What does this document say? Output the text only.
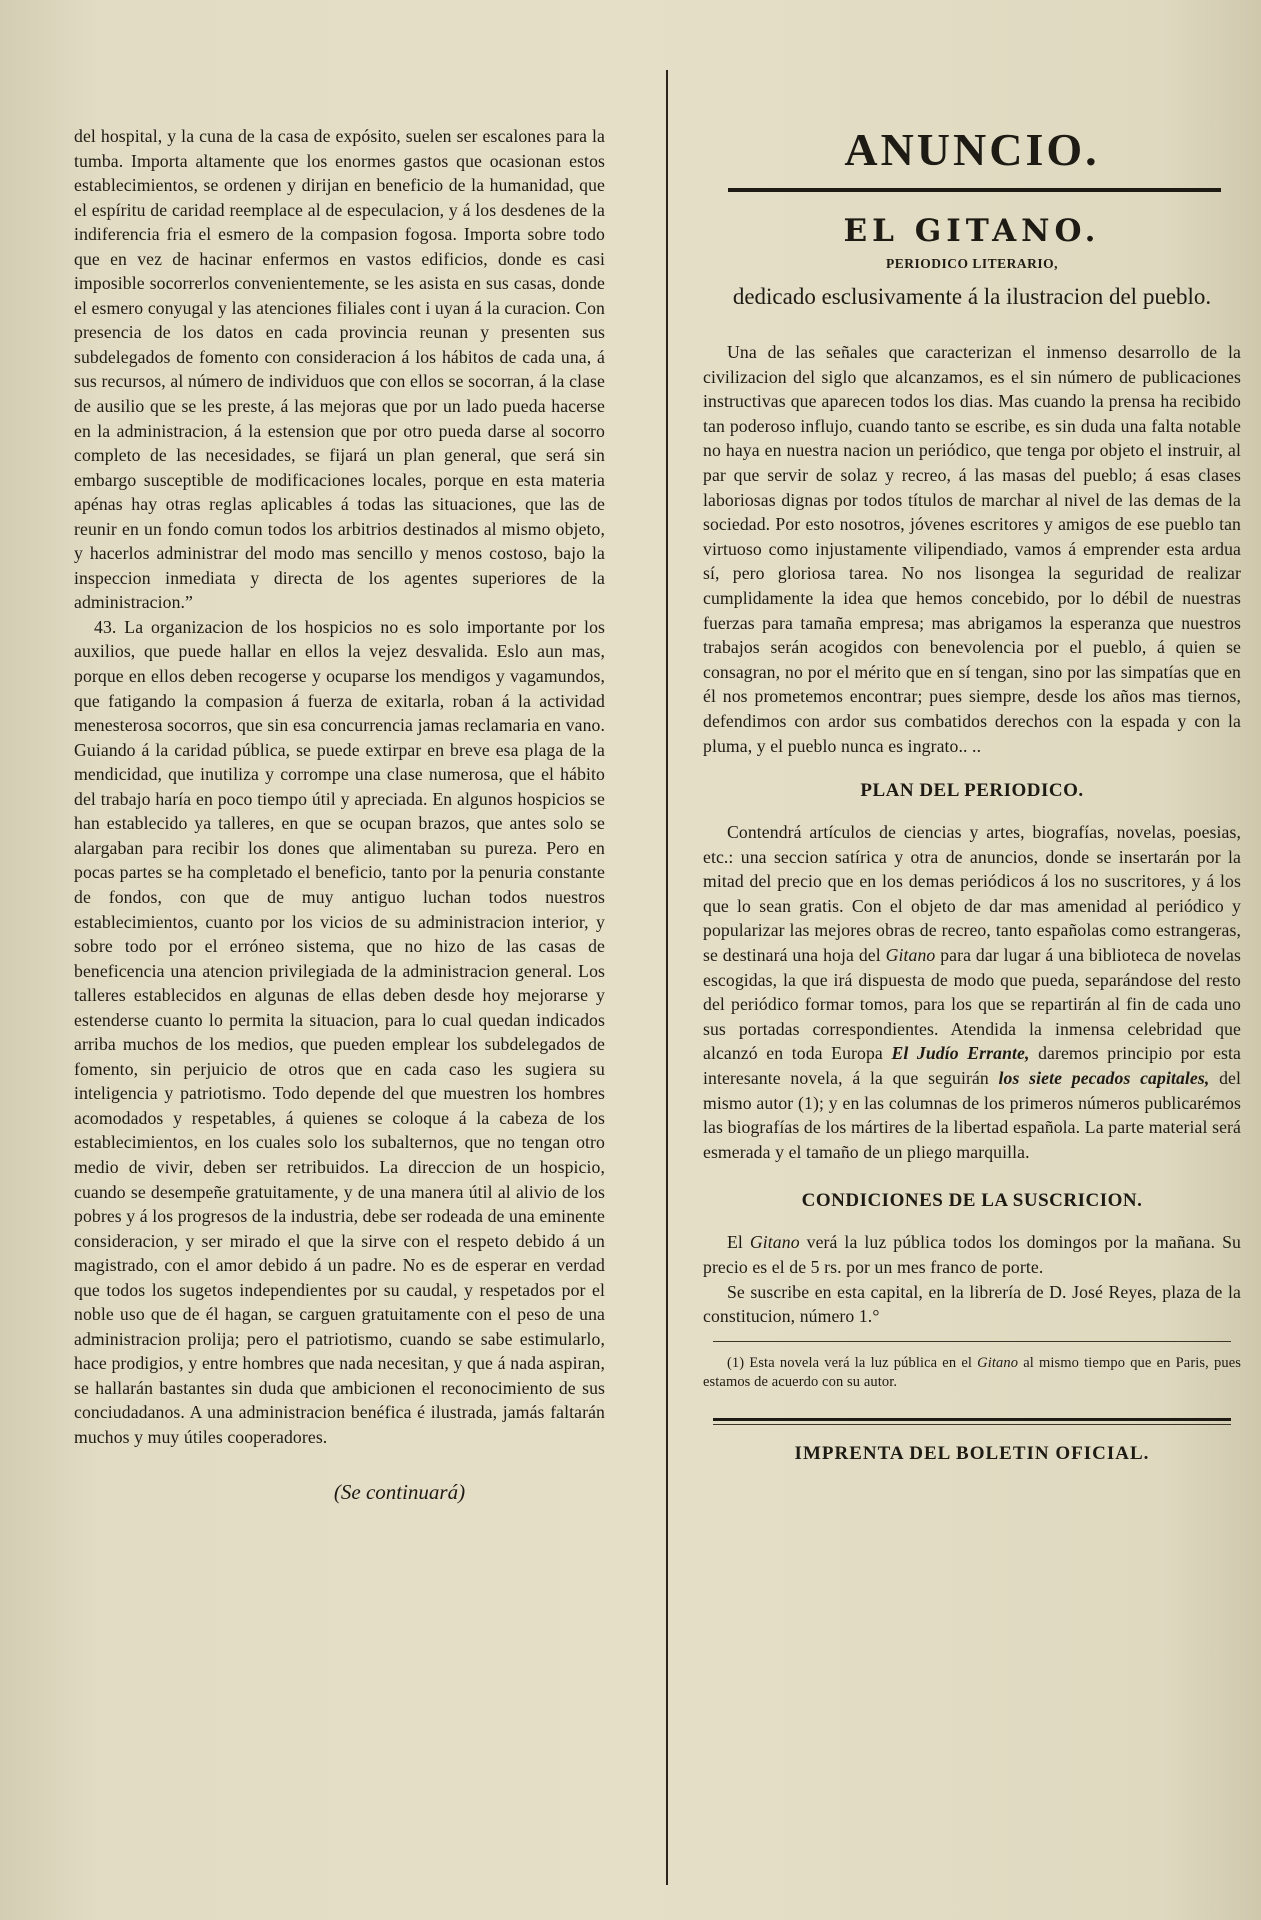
del hospital, y la cuna de la casa de expósito, suelen ser escalones para la tumba. Importa altamente que los enormes gastos que ocasionan estos establecimientos, se ordenen y dirijan en beneficio de la humanidad, que el espíritu de caridad reemplace al de especulacion, y á los desdenes de la indiferencia fria el esmero de la compasion fogosa. Importa sobre todo que en vez de hacinar enfermos en vastos edificios, donde es casi imposible socorrerlos convenientemente, se les asista en sus casas, donde el esmero conyugal y las atenciones filiales cont i uyan á la curacion. Con presencia de los datos en cada provincia reunan y presenten sus subdelegados de fomento con consideracion á los hábitos de cada una, á sus recursos, al número de individuos que con ellos se socorran, á la clase de ausilio que se les preste, á las mejoras que por un lado pueda hacerse en la administracion, á la estension que por otro pueda darse al socorro completo de las necesidades, se fijará un plan general, que será sin embargo susceptible de modificaciones locales, porque en esta materia apénas hay otras reglas aplicables á todas las situaciones, que las de reunir en un fondo comun todos los arbitrios destinados al mismo objeto, y hacerlos administrar del modo mas sencillo y menos costoso, bajo la inspeccion inmediata y directa de los agentes superiores de la administracion.”

43. La organizacion de los hospicios no es solo importante por los auxilios, que puede hallar en ellos la vejez desvalida. Eslo aun mas, porque en ellos deben recogerse y ocuparse los mendigos y vagamundos, que fatigando la compasion á fuerza de exitarla, roban á la actividad menesterosa socorros, que sin esa concurrencia jamas reclamaria en vano. Guiando á la caridad pública, se puede extirpar en breve esa plaga de la mendicidad, que inutiliza y corrompe una clase numerosa, que el hábito del trabajo haría en poco tiempo útil y apreciada. En algunos hospicios se han establecido ya talleres, en que se ocupan brazos, que antes solo se alargaban para recibir los dones que alimentaban su pureza. Pero en pocas partes se ha completado el beneficio, tanto por la penuria constante de fondos, con que de muy antiguo luchan todos nuestros establecimientos, cuanto por los vicios de su administracion interior, y sobre todo por el erróneo sistema, que no hizo de las casas de beneficencia una atencion privilegiada de la administracion general. Los talleres establecidos en algunas de ellas deben desde hoy mejorarse y estenderse cuanto lo permita la situacion, para lo cual quedan indicados arriba muchos de los medios, que pueden emplear los subdelegados de fomento, sin perjuicio de otros que en cada caso les sugiera su inteligencia y patriotismo. Todo depende del que muestren los hombres acomodados y respetables, á quienes se coloque á la cabeza de los establecimientos, en los cuales solo los subalternos, que no tengan otro medio de vivir, deben ser retribuidos. La direccion de un hospicio, cuando se desempeñe gratuitamente, y de una manera útil al alivio de los pobres y á los progresos de la industria, debe ser rodeada de una eminente consideracion, y ser mirado el que la sirve con el respeto debido á un magistrado, con el amor debido á un padre. No es de esperar en verdad que todos los sugetos independientes por su caudal, y respetados por el noble uso que de él hagan, se carguen gratuitamente con el peso de una administracion prolija; pero el patriotismo, cuando se sabe estimularlo, hace prodigios, y entre hombres que nada necesitan, y que á nada aspiran, se hallarán bastantes sin duda que ambicionen el reconocimiento de sus conciudadanos. A una administracion benéfica é ilustrada, jamás faltarán muchos y muy útiles cooperadores.

(Se continuará)
ANUNCIO.
EL GITANO.
PERIODICO LITERARIO,
dedicado esclusivamente á la ilustracion del pueblo.

Una de las señales que caracterizan el inmenso desarrollo de la civilizacion del siglo que alcanzamos, es el sin número de publicaciones instructivas que aparecen todos los dias. Mas cuando la prensa ha recibido tan poderoso influjo, cuando tanto se escribe, es sin duda una falta notable no haya en nuestra nacion un periódico, que tenga por objeto el instruir, al par que servir de solaz y recreo, á las masas del pueblo; á esas clases laboriosas dignas por todos títulos de marchar al nivel de las demas de la sociedad. Por esto nosotros, jóvenes escritores y amigos de ese pueblo tan virtuoso como injustamente vilipendiado, vamos á emprender esta ardua sí, pero gloriosa tarea. No nos lisongea la seguridad de realizar cumplidamente la idea que hemos concebido, por lo débil de nuestras fuerzas para tamaña empresa; mas abrigamos la esperanza que nuestros trabajos serán acogidos con benevolencia por el pueblo, á quien se consagran, no por el mérito que en sí tengan, sino por las simpatías que en él nos prometemos encontrar; pues siempre, desde los años mas tiernos, defendimos con ardor sus combatidos derechos con la espada y con la pluma, y el pueblo nunca es ingrato.. ..

PLAN DEL PERIODICO.

Contendrá artículos de ciencias y artes, biografías, novelas, poesias, etc.: una seccion satírica y otra de anuncios, donde se insertarán por la mitad del precio que en los demas periódicos á los no suscritores, y á los que lo sean gratis. Con el objeto de dar mas amenidad al periódico y popularizar las mejores obras de recreo, tanto españolas como estrangeras, se destinará una hoja del Gitano para dar lugar á una biblioteca de novelas escogidas, la que irá dispuesta de modo que pueda, separándose del resto del periódico formar tomos, para los que se repartirán al fin de cada uno sus portadas correspondientes. Atendida la inmensa celebridad que alcanzó en toda Europa El Judío Errante, daremos principio por esta interesante novela, á la que seguirán los siete pecados capitales, del mismo autor (1); y en las columnas de los primeros números publicarémos las biografías de los mártires de la libertad española. La parte material será esmerada y el tamaño de un pliego marquilla.

CONDICIONES DE LA SUSCRICION.

El Gitano verá la luz pública todos los domingos por la mañana. Su precio es el de 5 rs. por un mes franco de porte.

Se suscribe en esta capital, en la librería de D. José Reyes, plaza de la constitucion, número 1.°

(1) Esta novela verá la luz pública en el Gitano al mismo tiempo que en Paris, pues estamos de acuerdo con su autor.

IMPRENTA DEL BOLETIN OFICIAL.
